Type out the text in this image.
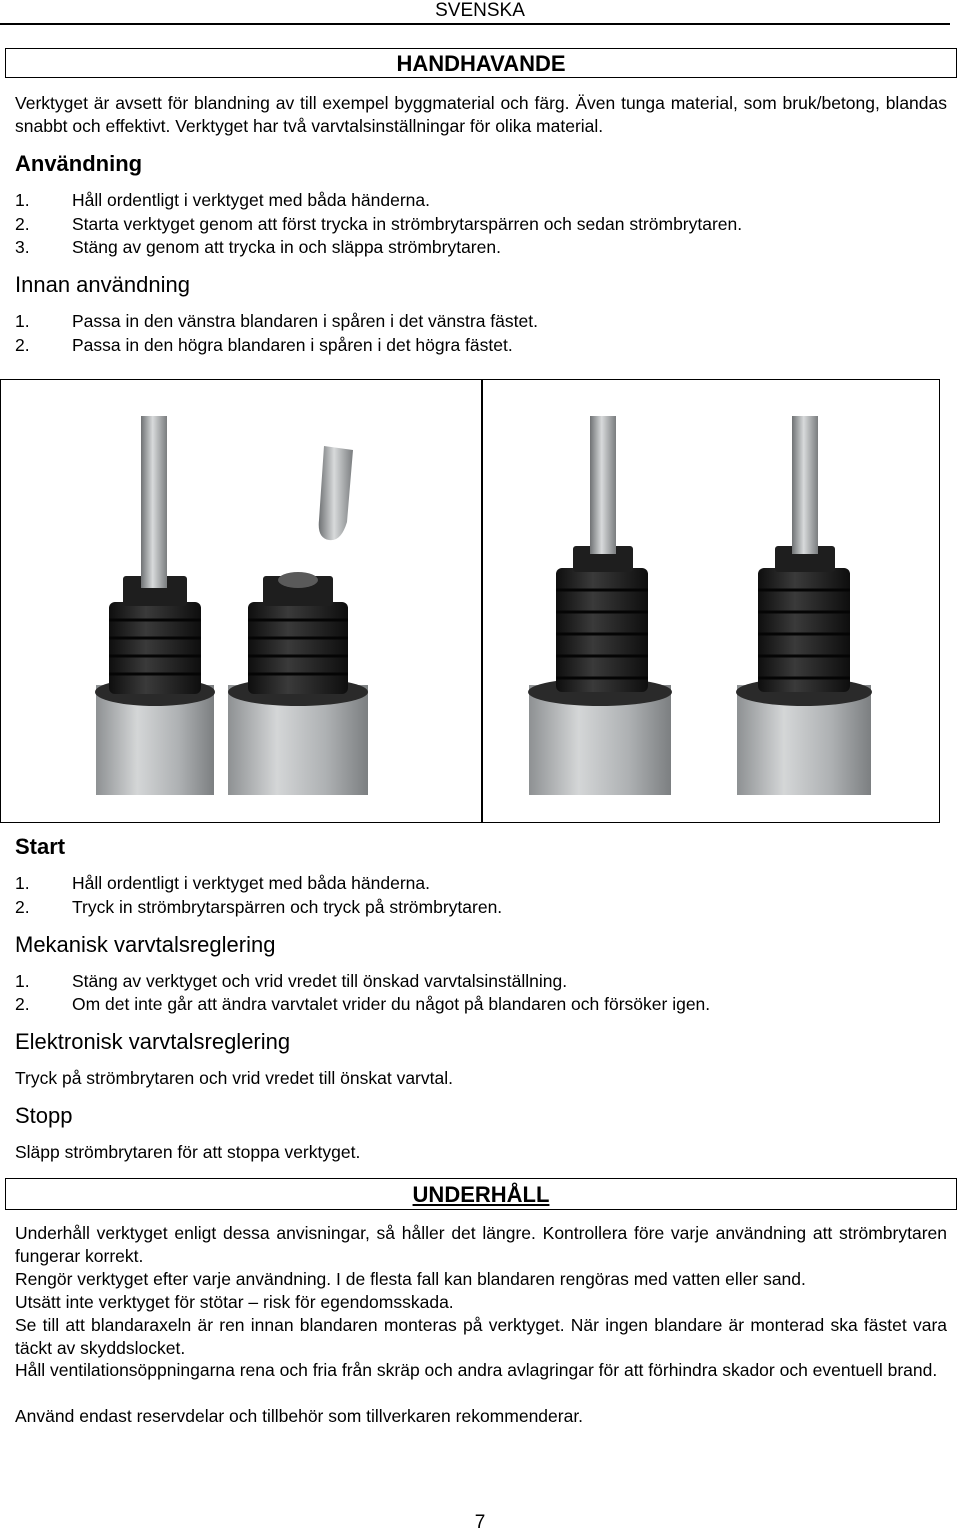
SVENSKA
HANDHAVANDE
Verktyget är avsett för blandning av till exempel byggmaterial och färg. Även tunga material, som bruk/betong, blandas snabbt och effektivt. Verktyget har två varvtalsinställningar för olika material.
Användning
1. Håll ordentligt i verktyget med båda händerna.
2. Starta verktyget genom att först trycka in strömbrytarspärren och sedan strömbrytaren.
3. Stäng av genom att trycka in och släppa strömbrytaren.
Innan användning
1. Passa in den vänstra blandaren i spåren i det vänstra fästet.
2. Passa in den högra blandaren i spåren i det högra fästet.
Start
1. Håll ordentligt i verktyget med båda händerna.
2. Tryck in strömbrytarspärren och tryck på strömbrytaren.
Mekanisk varvtalsreglering
1. Stäng av verktyget och vrid vredet till önskad varvtalsinställning.
2. Om det inte går att ändra varvtalet vrider du något på blandaren och försöker igen.
Elektronisk varvtalsreglering
Tryck på strömbrytaren och vrid vredet till önskat varvtal.
Stopp
Släpp strömbrytaren för att stoppa verktyget.
UNDERHÅLL
Underhåll verktyget enligt dessa anvisningar, så håller det längre. Kontrollera före varje användning att strömbrytaren fungerar korrekt.
Rengör verktyget efter varje användning. I de flesta fall kan blandaren rengöras med vatten eller sand.
Utsätt inte verktyget för stötar – risk för egendomsskada.
Se till att blandaraxeln är ren innan blandaren monteras på verktyget. När ingen blandare är monterad ska fästet vara täckt av skyddslocket.
Håll ventilationsöppningarna rena och fria från skräp och andra avlagringar för att förhindra skador och eventuell brand.
Använd endast reservdelar och tillbehör som tillverkaren rekommenderar.
7
